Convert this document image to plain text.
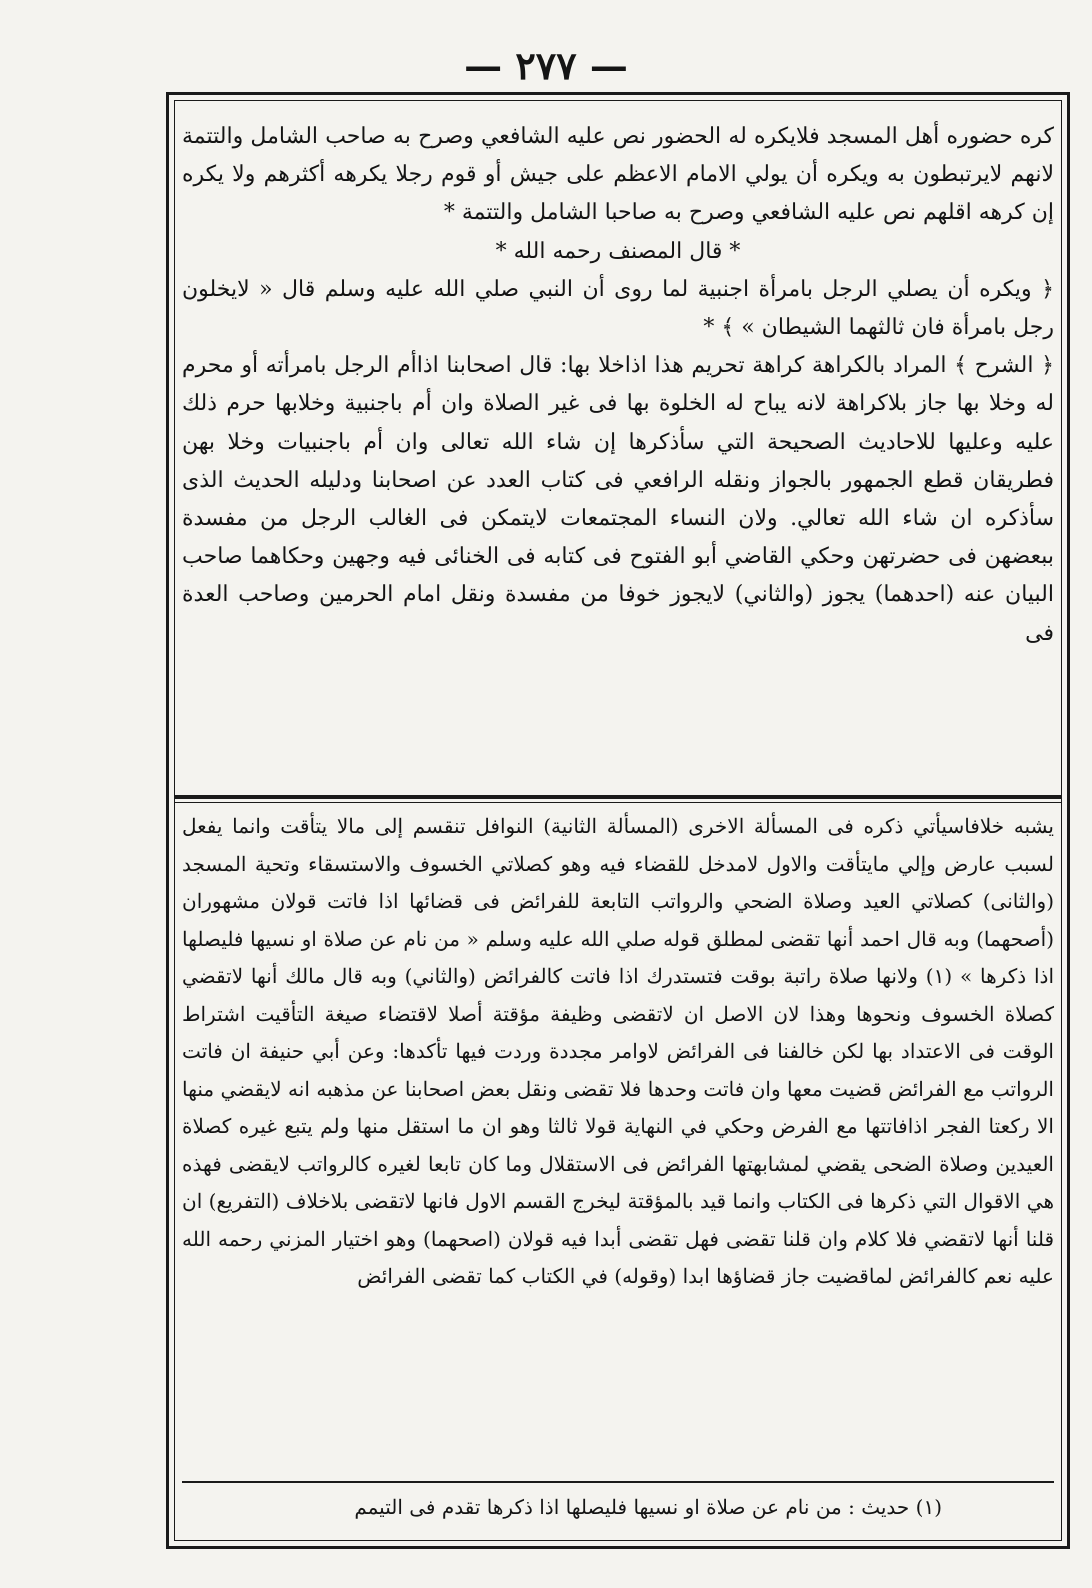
— ٢٧٧ —

كره حضوره أهل المسجد فلايكره له الحضور نص عليه الشافعي وصرح به صاحب الشامل والتتمة لانهم لايرتبطون به ويكره أن يولي الامام الاعظم على جيش أو قوم رجلا يكرهه أكثرهم ولا يكره إن كرهه اقلهم نص عليه الشافعي وصرح به صاحبا الشامل والتتمة *

* قال المصنف رحمه الله *

﴿ ويكره أن يصلي الرجل بامرأة اجنبية لما روى أن النبي صلي الله عليه وسلم قال « لايخلون رجل بامرأة فان ثالثهما الشيطان » ﴾ *

﴿ الشرح ﴾ المراد بالكراهة كراهة تحريم هذا اذاخلا بها: قال اصحابنا اذاأم الرجل بامرأته أو محرم له وخلا بها جاز بلاكراهة لانه يباح له الخلوة بها فى غير الصلاة وان أم باجنبية وخلابها حرم ذلك عليه وعليها للاحاديث الصحيحة التي سأذكرها إن شاء الله تعالى وان أم باجنبيات وخلا بهن فطريقان قطع الجمهور بالجواز ونقله الرافعي فى كتاب العدد عن اصحابنا ودليله الحديث الذى سأذكره ان شاء الله تعالي. ولان النساء المجتمعات لايتمكن فى الغالب الرجل من مفسدة ببعضهن فى حضرتهن وحكي القاضي أبو الفتوح فى كتابه فى الخنائى فيه وجهين وحكاهما صاحب البيان عنه (احدهما) يجوز (والثاني) لايجوز خوفا من مفسدة ونقل امام الحرمين وصاحب العدة فى

يشبه خلافاسيأتي ذكره فى المسألة الاخرى (المسألة الثانية) النوافل تنقسم إلى مالا يتأقت وانما يفعل لسبب عارض وإلي مايتأقت والاول لامدخل للقضاء فيه وهو كصلاتي الخسوف والاستسقاء وتحية المسجد (والثانى) كصلاتي العيد وصلاة الضحي والرواتب التابعة للفرائض فى قضائها اذا فاتت قولان مشهوران (أصحهما) وبه قال احمد أنها تقضى لمطلق قوله صلي الله عليه وسلم « من نام عن صلاة او نسيها فليصلها اذا ذكرها » (١) ولانها صلاة راتبة بوقت فتستدرك اذا فاتت كالفرائض (والثاني) وبه قال مالك أنها لاتقضي كصلاة الخسوف ونحوها وهذا لان الاصل ان لاتقضى وظيفة مؤقتة أصلا لاقتضاء صيغة التأقيت اشتراط الوقت فى الاعتداد بها لكن خالفنا فى الفرائض لاوامر مجددة وردت فيها تأكدها: وعن أبي حنيفة ان فاتت الرواتب مع الفرائض قضيت معها وان فاتت وحدها فلا تقضى ونقل بعض اصحابنا عن مذهبه انه لايقضي منها الا ركعتا الفجر اذافاتتها مع الفرض وحكي في النهاية قولا ثالثا وهو ان ما استقل منها ولم يتبع غيره كصلاة العيدين وصلاة الضحى يقضي لمشابهتها الفرائض فى الاستقلال وما كان تابعا لغيره كالرواتب لايقضى فهذه هي الاقوال التي ذكرها فى الكتاب وانما قيد بالمؤقتة ليخرج القسم الاول فانها لاتقضى بلاخلاف (التفريع) ان قلنا أنها لاتقضي فلا كلام وان قلنا تقضى فهل تقضى أبدا فيه قولان (اصحهما) وهو اختيار المزني رحمه الله عليه نعم كالفرائض لماقضيت جاز قضاؤها ابدا (وقوله) في الكتاب كما تقضى الفرائض

(١) حديث : من نام عن صلاة او نسيها فليصلها اذا ذكرها تقدم فى التيمم
